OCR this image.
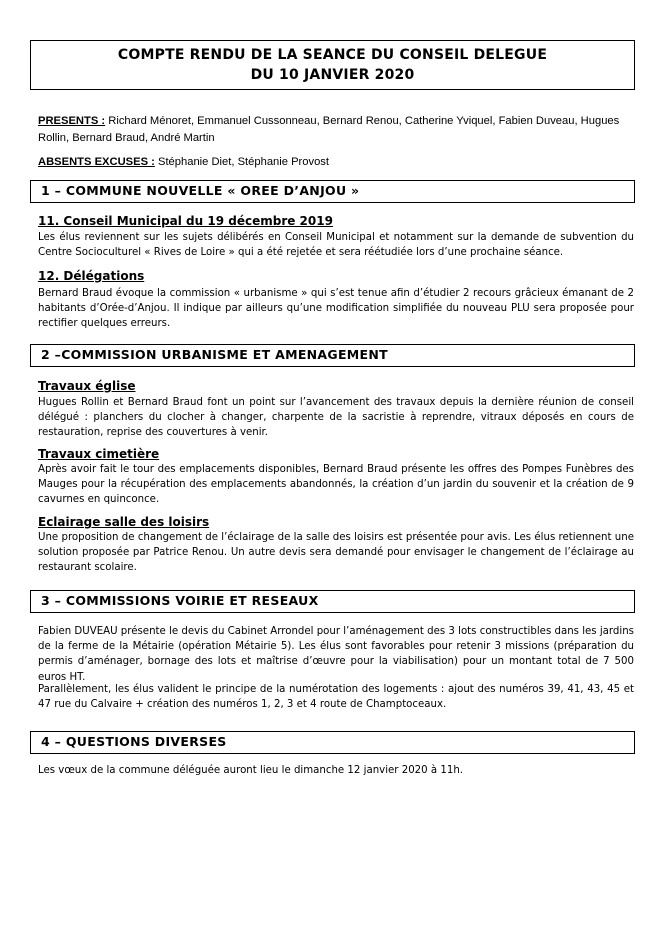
COMPTE RENDU DE LA SEANCE DU CONSEIL DELEGUE
DU 10 JANVIER 2020
PRESENTS : Richard Ménoret, Emmanuel Cussonneau, Bernard Renou, Catherine Yviquel, Fabien Duveau, Hugues Rollin, Bernard Braud, André Martin
ABSENTS EXCUSES : Stéphanie Diet, Stéphanie Provost
1 – COMMUNE NOUVELLE « OREE D’ANJOU »
11. Conseil Municipal du 19 décembre 2019
Les élus reviennent sur les sujets délibérés en Conseil Municipal et notamment sur la demande de subvention du Centre Socioculturel « Rives de Loire » qui a été rejetée et sera réétudiée lors d’une prochaine séance.
12. Délégations
Bernard Braud évoque la commission « urbanisme » qui s’est tenue afin d’étudier 2 recours grâcieux émanant de 2 habitants d’Orée-d’Anjou. Il indique par ailleurs qu’une modification simplifiée du nouveau PLU sera proposée pour rectifier quelques erreurs.
2 –COMMISSION URBANISME ET AMENAGEMENT
Travaux église
Hugues Rollin et Bernard Braud font un point sur l’avancement des travaux depuis la dernière réunion de conseil délégué : planchers du clocher à changer, charpente de la sacristie à reprendre, vitraux déposés en cours de restauration, reprise des couvertures à venir.
Travaux cimetière
Après avoir fait le tour des emplacements disponibles, Bernard Braud présente les offres des Pompes Funèbres des Mauges pour la récupération des emplacements abandonnés, la création d’un jardin du souvenir et la création de 9 cavurnes en quinconce.
Eclairage salle des loisirs
Une proposition de changement de l’éclairage de la salle des loisirs est présentée pour avis. Les élus retiennent une solution proposée par Patrice Renou. Un autre devis sera demandé pour envisager le changement de l’éclairage au restaurant scolaire.
3 – COMMISSIONS VOIRIE ET RESEAUX
Fabien DUVEAU présente le devis du Cabinet Arrondel pour l’aménagement des 3 lots constructibles dans les jardins de la ferme de la Métairie (opération Métairie 5). Les élus sont favorables pour retenir 3 missions (préparation du permis d’aménager, bornage des lots et maîtrise d’œuvre pour la viabilisation) pour un montant total de 7 500 euros HT.
Parallèlement, les élus valident le principe de la numérotation des logements : ajout des numéros 39, 41, 43, 45 et 47 rue du Calvaire + création des numéros 1, 2, 3 et 4 route de Champtoceaux.
4 – QUESTIONS DIVERSES
Les vœux de la commune déléguée auront lieu le dimanche 12 janvier 2020 à 11h.
